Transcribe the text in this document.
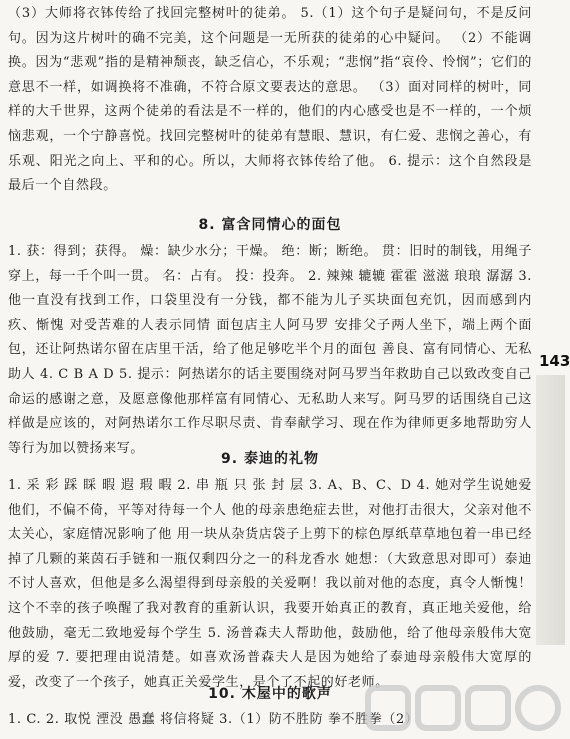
（3）大师将衣钵传给了找回完整树叶的徒弟。 5.（1）这个句子是疑问句，不是反问句。因为这片树叶的确不完美，这个问题是一无所获的徒弟的心中疑问。 （2）不能调换。因为“悲观”指的是精神颓丧，缺乏信心，不乐观；“悲悯”指“哀伶、怜悯”；它们的意思不一样，如调换将不准确，不符合原文要表达的意思。 （3）面对同样的树叶，同样的大千世界，这两个徒弟的看法是不一样的，他们的内心感受也是不一样的，一个烦恼悲观，一个宁静喜悦。找回完整树叶的徒弟有慧眼、慧识，有仁爱、悲悯之善心，有乐观、阳光之向上、平和的心。所以，大师将衣钵传给了他。 6. 提示：这个自然段是最后一个自然段。

8. 富含同情心的面包

1. 获：得到；获得。 燥：缺少水分；干燥。 绝：断；断绝。 贯：旧时的制钱，用绳子穿上，每一千个叫一贯。 名：占有。 投：投奔。 2. 辣辣 辘辘 霍霍 滋滋 琅琅 潺潺 3. 他一直没有找到工作，口袋里没有一分钱，都不能为儿子买块面包充饥，因而感到内疚、惭愧 对受苦难的人表示同情 面包店主人阿马罗 安排父子两人坐下，端上两个面包，还让阿热诺尔留在店里干活，给了他足够吃半个月的面包 善良、富有同情心、无私助人 4. C B A D 5. 提示：阿热诺尔的话主要围绕对阿马罗当年救助自己以致改变自己命运的感谢之意，及愿意像他那样富有同情心、无私助人来写。阿马罗的话围绕自己这样做是应该的，对阿热诺尔工作尽职尽责、肯奉献学习、现在作为律师更多地帮助穷人等行为加以赞扬来写。

9. 泰迪的礼物

1. 采 彩 踩 睬 暇 遐 瑕 暇 2. 串 瓶 只 张 封 层 3. A、B、C、D 4. 她对学生说她爱他们，不偏不倚，平等对待每一个人 他的母亲患绝症去世，对他打击很大，父亲对他不太关心，家庭情况影响了他 用一块从杂货店袋子上剪下的棕色厚纸草草地包着一串已经掉了几颗的莱茵石手链和一瓶仅剩四分之一的科龙香水 她想：（大致意思对即可）泰迪不讨人喜欢，但他是多么渴望得到母亲般的关爱啊！我以前对他的态度，真令人惭愧！这个不幸的孩子唤醒了我对教育的重新认识，我要开始真正的教育，真正地关爱他，给他鼓励，毫无二致地爱每个学生 5. 汤普森夫人帮助他，鼓励他，给了他母亲般伟大宽厚的爱 7. 要把理由说清楚。如喜欢汤普森夫人是因为她给了泰迪母亲般伟大宽厚的爱，改变了一个孩子，她真正关爱学生，是个了不起的好老师。

10. 木屋中的歌声

1. C. 2. 取悦 湮没 愚蠢 将信将疑 3.（1）防不胜防 拳不胜拳（2）

143
